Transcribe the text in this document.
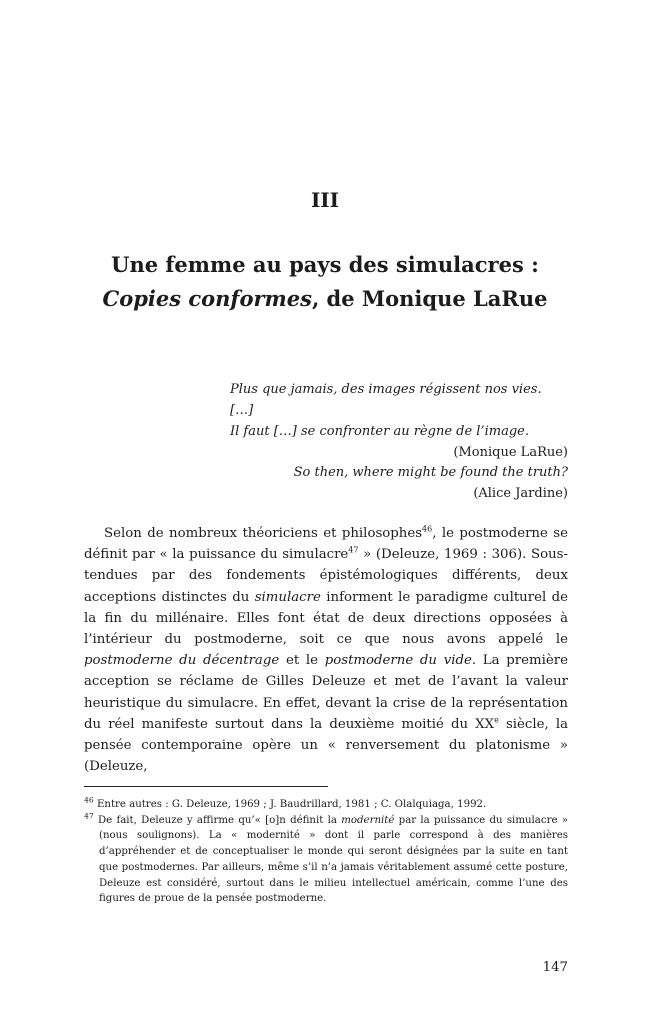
III
Une femme au pays des simulacres :
Copies conformes, de Monique LaRue
Plus que jamais, des images régissent nos vies. […]
Il faut […] se confronter au règne de l’image.
(Monique LaRue)
So then, where might be found the truth?
(Alice Jardine)

Selon de nombreux théoriciens et philosophes$^{46}$, le postmoderne se définit par « la puissance du simulacre$^{47}$ » (Deleuze, 1969 : 306). Sous-tendues par des fondements épistémologiques différents, deux acceptions distinctes du simulacre informent le paradigme culturel de la fin du millénaire. Elles font état de deux directions opposées à l’intérieur du postmoderne, soit ce que nous avons appelé le postmoderne du décentrage et le postmoderne du vide. La première acception se réclame de Gilles Deleuze et met de l’avant la valeur heuristique du simulacre. En effet, devant la crise de la représentation du réel manifeste surtout dans la deuxième moitié du XXe siècle, la pensée contemporaine opère un « renversement du platonisme » (Deleuze,

$^{46}$ Entre autres : G. Deleuze, 1969 ; J. Baudrillard, 1981 ; C. Olalquiaga, 1992.
$^{47}$ De fait, Deleuze y affirme qu’« [o]n définit la modernité par la puissance du simulacre » (nous soulignons). La « modernité » dont il parle correspond à des manières d’appréhender et de conceptualiser le monde qui seront désignées par la suite en tant que postmodernes. Par ailleurs, même s’il n’a jamais véritablement assumé cette posture, Deleuze est considéré, surtout dans le milieu intellectuel américain, comme l’une des figures de proue de la pensée postmoderne.
147
